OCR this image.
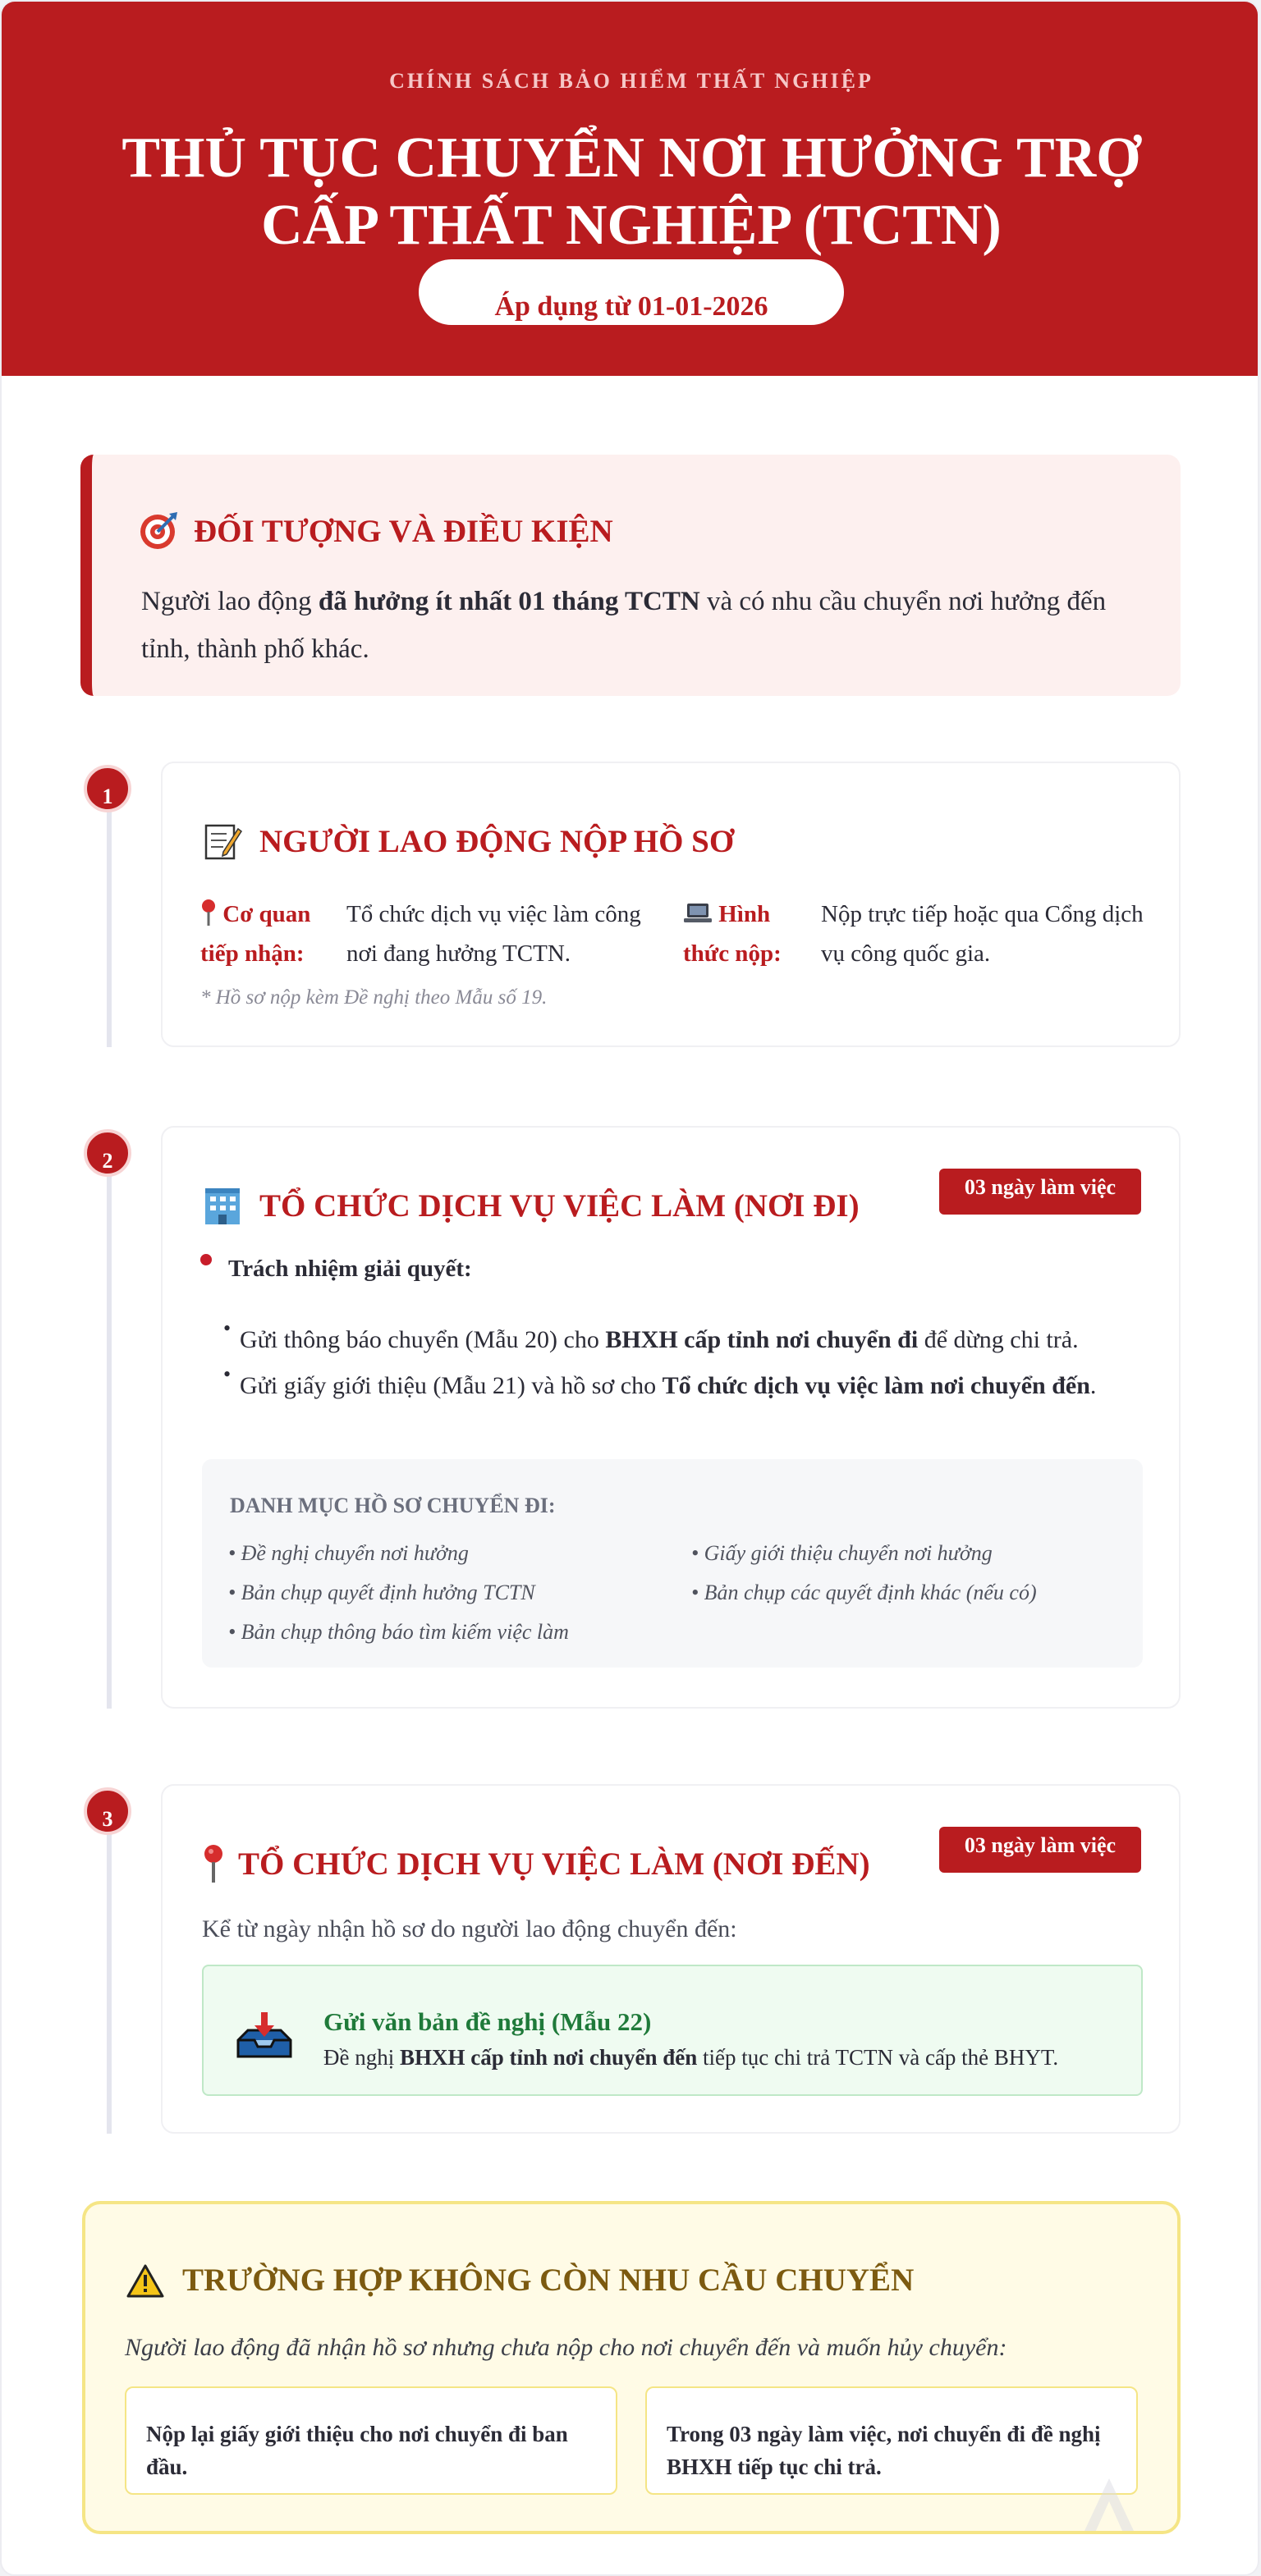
CHÍNH SÁCH BẢO HIỂM THẤT NGHIỆP
THỦ TỤC CHUYỂN NƠI HƯỞNG TRỢ
CẤP THẤT NGHIỆP (TCTN)
Áp dụng từ 01-01-2026
ĐỐI TƯỢNG VÀ ĐIỀU KIỆN
Người lao động đã hưởng ít nhất 01 tháng TCTN và có nhu cầu chuyển nơi hưởng đến tỉnh, thành phố khác.
1
NGƯỜI LAO ĐỘNG NỘP HỒ SƠ
Cơ quan
tiếp nhận:
Tổ chức dịch vụ việc làm công nơi đang hưởng TCTN.
Hình
thức nộp:
Nộp trực tiếp hoặc qua Cổng dịch vụ công quốc gia.
* Hồ sơ nộp kèm Đề nghị theo Mẫu số 19.
2
03 ngày làm việc
TỔ CHỨC DỊCH VỤ VIỆC LÀM (NƠI ĐI)
Trách nhiệm giải quyết:
• Gửi thông báo chuyển (Mẫu 20) cho BHXH cấp tỉnh nơi chuyển đi để dừng chi trả.
• Gửi giấy giới thiệu (Mẫu 21) và hồ sơ cho Tổ chức dịch vụ việc làm nơi chuyển đến.
DANH MỤC HỒ SƠ CHUYỂN ĐI:
• Đề nghị chuyển nơi hưởng	• Giấy giới thiệu chuyển nơi hưởng
• Bản chụp quyết định hưởng TCTN	• Bản chụp các quyết định khác (nếu có)
• Bản chụp thông báo tìm kiếm việc làm
3
03 ngày làm việc
TỔ CHỨC DỊCH VỤ VIỆC LÀM (NƠI ĐẾN)
Kể từ ngày nhận hồ sơ do người lao động chuyển đến:
Gửi văn bản đề nghị (Mẫu 22)
Đề nghị BHXH cấp tỉnh nơi chuyển đến tiếp tục chi trả TCTN và cấp thẻ BHYT.
TRƯỜNG HỢP KHÔNG CÒN NHU CẦU CHUYỂN
Người lao động đã nhận hồ sơ nhưng chưa nộp cho nơi chuyển đến và muốn hủy chuyển:
Nộp lại giấy giới thiệu cho nơi chuyển đi ban đầu.
Trong 03 ngày làm việc, nơi chuyển đi đề nghị BHXH tiếp tục chi trả.
